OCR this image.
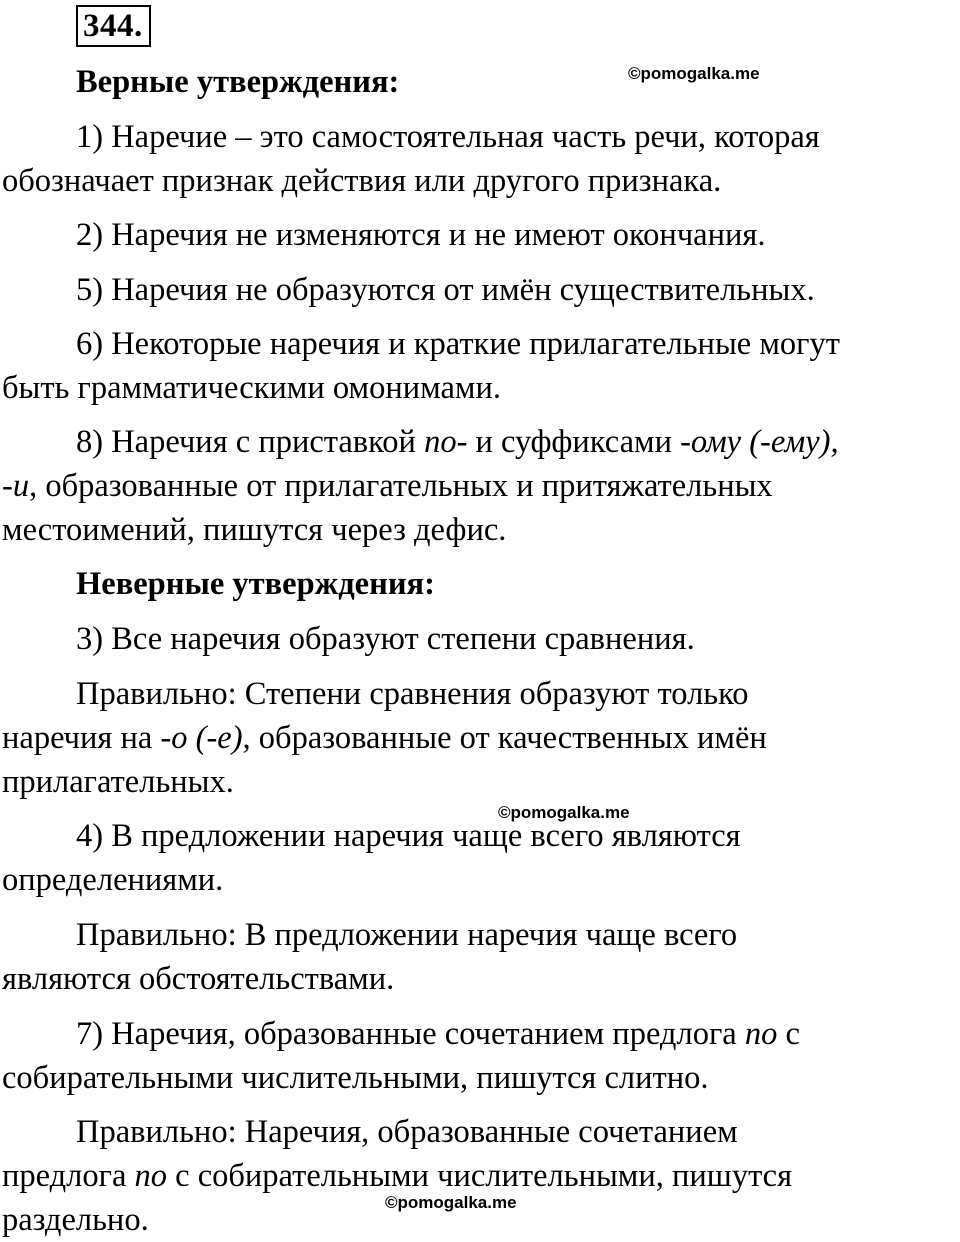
344.
©pomogalka.me
Верные утверждения:
1) Наречие – это самостоятельная часть речи, которая
обозначает признак действия или другого признака.
2) Наречия не изменяются и не имеют окончания.
5) Наречия не образуются от имён существительных.
6) Некоторые наречия и краткие прилагательные могут
быть грамматическими омонимами.
8) Наречия с приставкой по- и суффиксами -ому (-ему),
-и, образованные от прилагательных и притяжательных
местоимений, пишутся через дефис.
Неверные утверждения:
3) Все наречия образуют степени сравнения.
Правильно: Степени сравнения образуют только
наречия на -о (-е), образованные от качественных имён
прилагательных.
©pomogalka.me
4) В предложении наречия чаще всего являются
определениями.
Правильно: В предложении наречия чаще всего
являются обстоятельствами.
7) Наречия, образованные сочетанием предлога по с
собирательными числительными, пишутся слитно.
Правильно: Наречия, образованные сочетанием
предлога по с собирательными числительными, пишутся
раздельно.	©pomogalka.me
